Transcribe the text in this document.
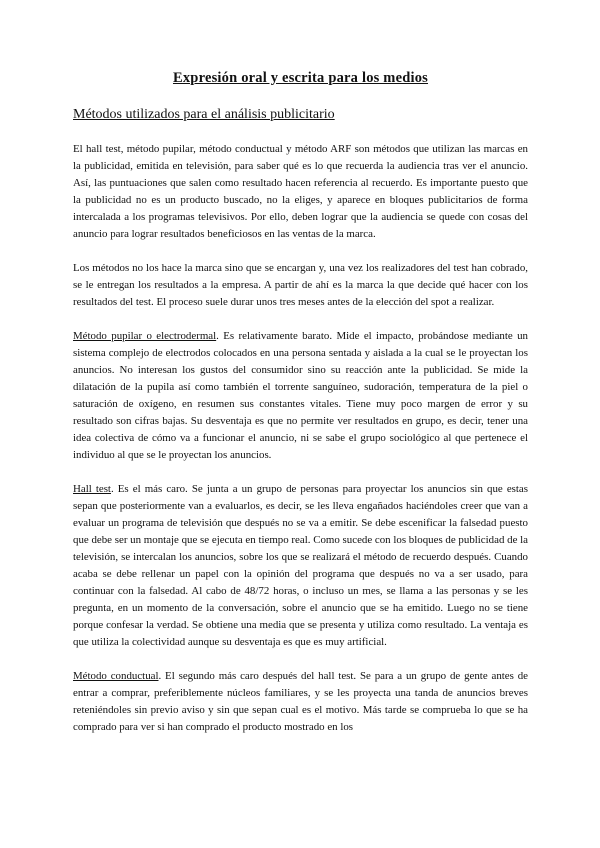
Expresión oral y escrita para los medios
Métodos utilizados para el análisis publicitario

El hall test, método pupilar, método conductual y método ARF son métodos que utilizan las marcas en la publicidad, emitida en televisión, para saber qué es lo que recuerda la audiencia tras ver el anuncio. Así, las puntuaciones que salen como resultado hacen referencia al recuerdo. Es importante puesto que la publicidad no es un producto buscado, no la eliges, y aparece en bloques publicitarios de forma intercalada a los programas televisivos. Por ello, deben lograr que la audiencia se quede con cosas del anuncio para lograr resultados beneficiosos en las ventas de la marca.

Los métodos no los hace la marca sino que se encargan y, una vez los realizadores del test han cobrado, se le entregan los resultados a la empresa. A partir de ahí es la marca la que decide qué hacer con los resultados del test. El proceso suele durar unos tres meses antes de la elección del spot a realizar.

Método pupilar o electrodermal. Es relativamente barato. Mide el impacto, probándose mediante un sistema complejo de electrodos colocados en una persona sentada y aislada a la cual se le proyectan los anuncios. No interesan los gustos del consumidor sino su reacción ante la publicidad. Se mide la dilatación de la pupila así como también el torrente sanguíneo, sudoración, temperatura de la piel o saturación de oxígeno, en resumen sus constantes vitales. Tiene muy poco margen de error y su resultado son cifras bajas. Su desventaja es que no permite ver resultados en grupo, es decir, tener una idea colectiva de cómo va a funcionar el anuncio, ni se sabe el grupo sociológico al que pertenece el individuo al que se le proyectan los anuncios.

Hall test. Es el más caro. Se junta a un grupo de personas para proyectar los anuncios sin que estas sepan que posteriormente van a evaluarlos, es decir, se les lleva engañados haciéndoles creer que van a evaluar un programa de televisión que después no se va a emitir. Se debe escenificar la falsedad puesto que debe ser un montaje que se ejecuta en tiempo real. Como sucede con los bloques de publicidad de la televisión, se intercalan los anuncios, sobre los que se realizará el método de recuerdo después. Cuando acaba se debe rellenar un papel con la opinión del programa que después no va a ser usado, para continuar con la falsedad. Al cabo de 48/72 horas, o incluso un mes, se llama a las personas y se les pregunta, en un momento de la conversación, sobre el anuncio que se ha emitido. Luego no se tiene porque confesar la verdad. Se obtiene una media que se presenta y utiliza como resultado. La ventaja es que utiliza la colectividad aunque su desventaja es que es muy artificial.

Método conductual. El segundo más caro después del hall test. Se para a un grupo de gente antes de entrar a comprar, preferiblemente núcleos familiares, y se les proyecta una tanda de anuncios breves reteniéndoles sin previo aviso y sin que sepan cual es el motivo. Más tarde se comprueba lo que se ha comprado para ver si han comprado el producto mostrado en los
